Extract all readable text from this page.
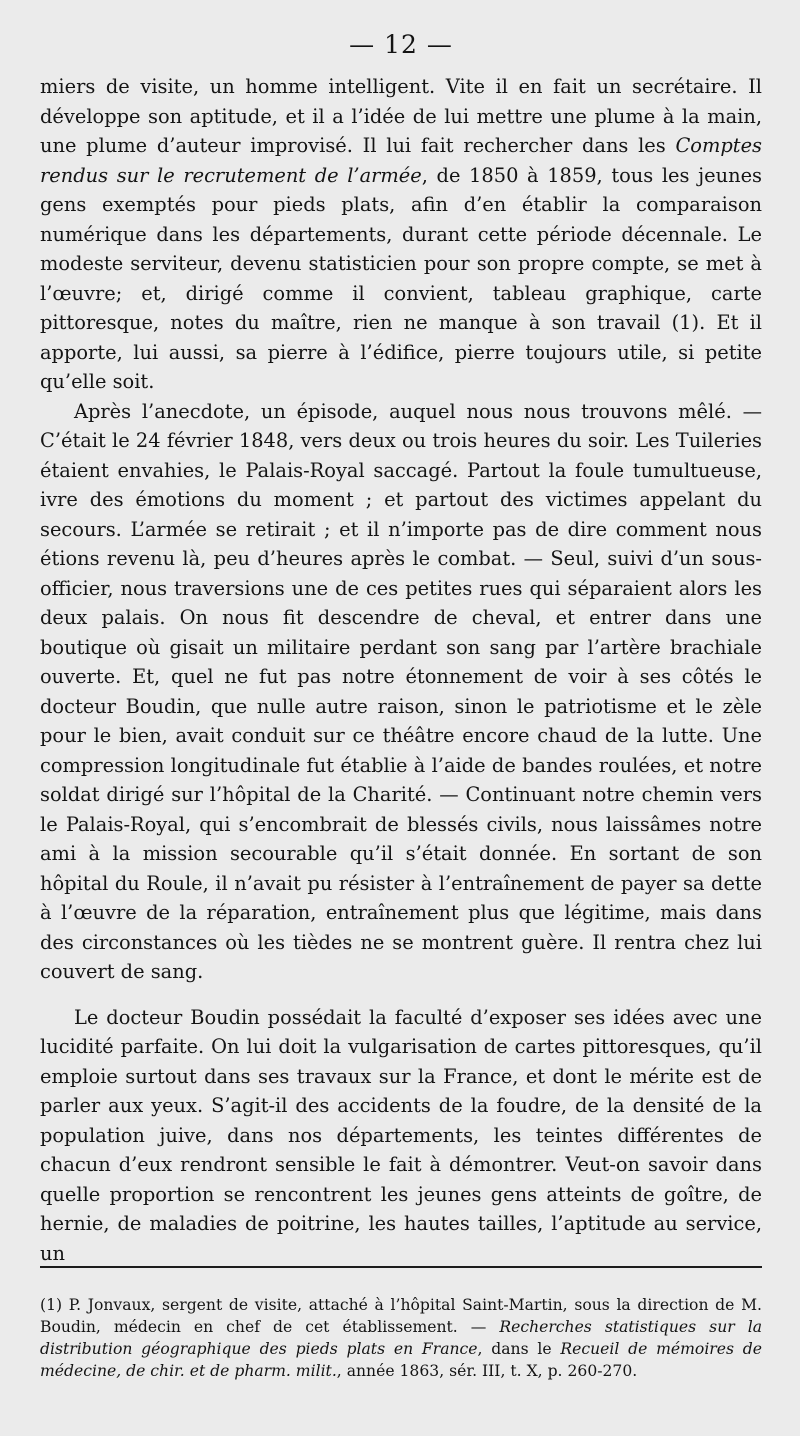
— 12 —

miers de visite, un homme intelligent. Vite il en fait un secrétaire. Il développe son aptitude, et il a l’idée de lui mettre une plume à la main, une plume d’auteur improvisé. Il lui fait rechercher dans les Comptes rendus sur le recrutement de l’armée, de 1850 à 1859, tous les jeunes gens exemptés pour pieds plats, afin d’en établir la comparaison numérique dans les départements, durant cette période décennale. Le modeste serviteur, devenu statisticien pour son propre compte, se met à l’œuvre; et, dirigé comme il convient, tableau graphique, carte pittoresque, notes du maître, rien ne manque à son travail (1). Et il apporte, lui aussi, sa pierre à l’édifice, pierre toujours utile, si petite qu’elle soit.

Après l’anecdote, un épisode, auquel nous nous trouvons mêlé. — C’était le 24 février 1848, vers deux ou trois heures du soir. Les Tuileries étaient envahies, le Palais-Royal saccagé. Partout la foule tumultueuse, ivre des émotions du moment ; et partout des victimes appelant du secours. L’armée se retirait ; et il n’importe pas de dire comment nous étions revenu là, peu d’heures après le combat. — Seul, suivi d’un sous-officier, nous traversions une de ces petites rues qui séparaient alors les deux palais. On nous fit descendre de cheval, et entrer dans une boutique où gisait un militaire perdant son sang par l’artère brachiale ouverte. Et, quel ne fut pas notre étonnement de voir à ses côtés le docteur Boudin, que nulle autre raison, sinon le patriotisme et le zèle pour le bien, avait conduit sur ce théâtre encore chaud de la lutte. Une compression longitudinale fut établie à l’aide de bandes roulées, et notre soldat dirigé sur l’hôpital de la Charité. — Continuant notre chemin vers le Palais-Royal, qui s’encombrait de blessés civils, nous laissâmes notre ami à la mission secourable qu’il s’était donnée. En sortant de son hôpital du Roule, il n’avait pu résister à l’entraînement de payer sa dette à l’œuvre de la réparation, entraînement plus que légitime, mais dans des circonstances où les tièdes ne se montrent guère. Il rentra chez lui couvert de sang.

Le docteur Boudin possédait la faculté d’exposer ses idées avec une lucidité parfaite. On lui doit la vulgarisation de cartes pittoresques, qu’il emploie surtout dans ses travaux sur la France, et dont le mérite est de parler aux yeux. S’agit-il des accidents de la foudre, de la densité de la population juive, dans nos départements, les teintes différentes de chacun d’eux rendront sensible le fait à démontrer. Veut-on savoir dans quelle proportion se rencontrent les jeunes gens atteints de goître, de hernie, de maladies de poitrine, les hautes tailles, l’aptitude au service, un

(1) P. Jonvaux, sergent de visite, attaché à l’hôpital Saint-Martin, sous la direction de M. Boudin, médecin en chef de cet établissement. — Recherches statistiques sur la distribution géographique des pieds plats en France, dans le Recueil de mémoires de médecine, de chir. et de pharm. milit., année 1863, sér. III, t. X, p. 260-270.
